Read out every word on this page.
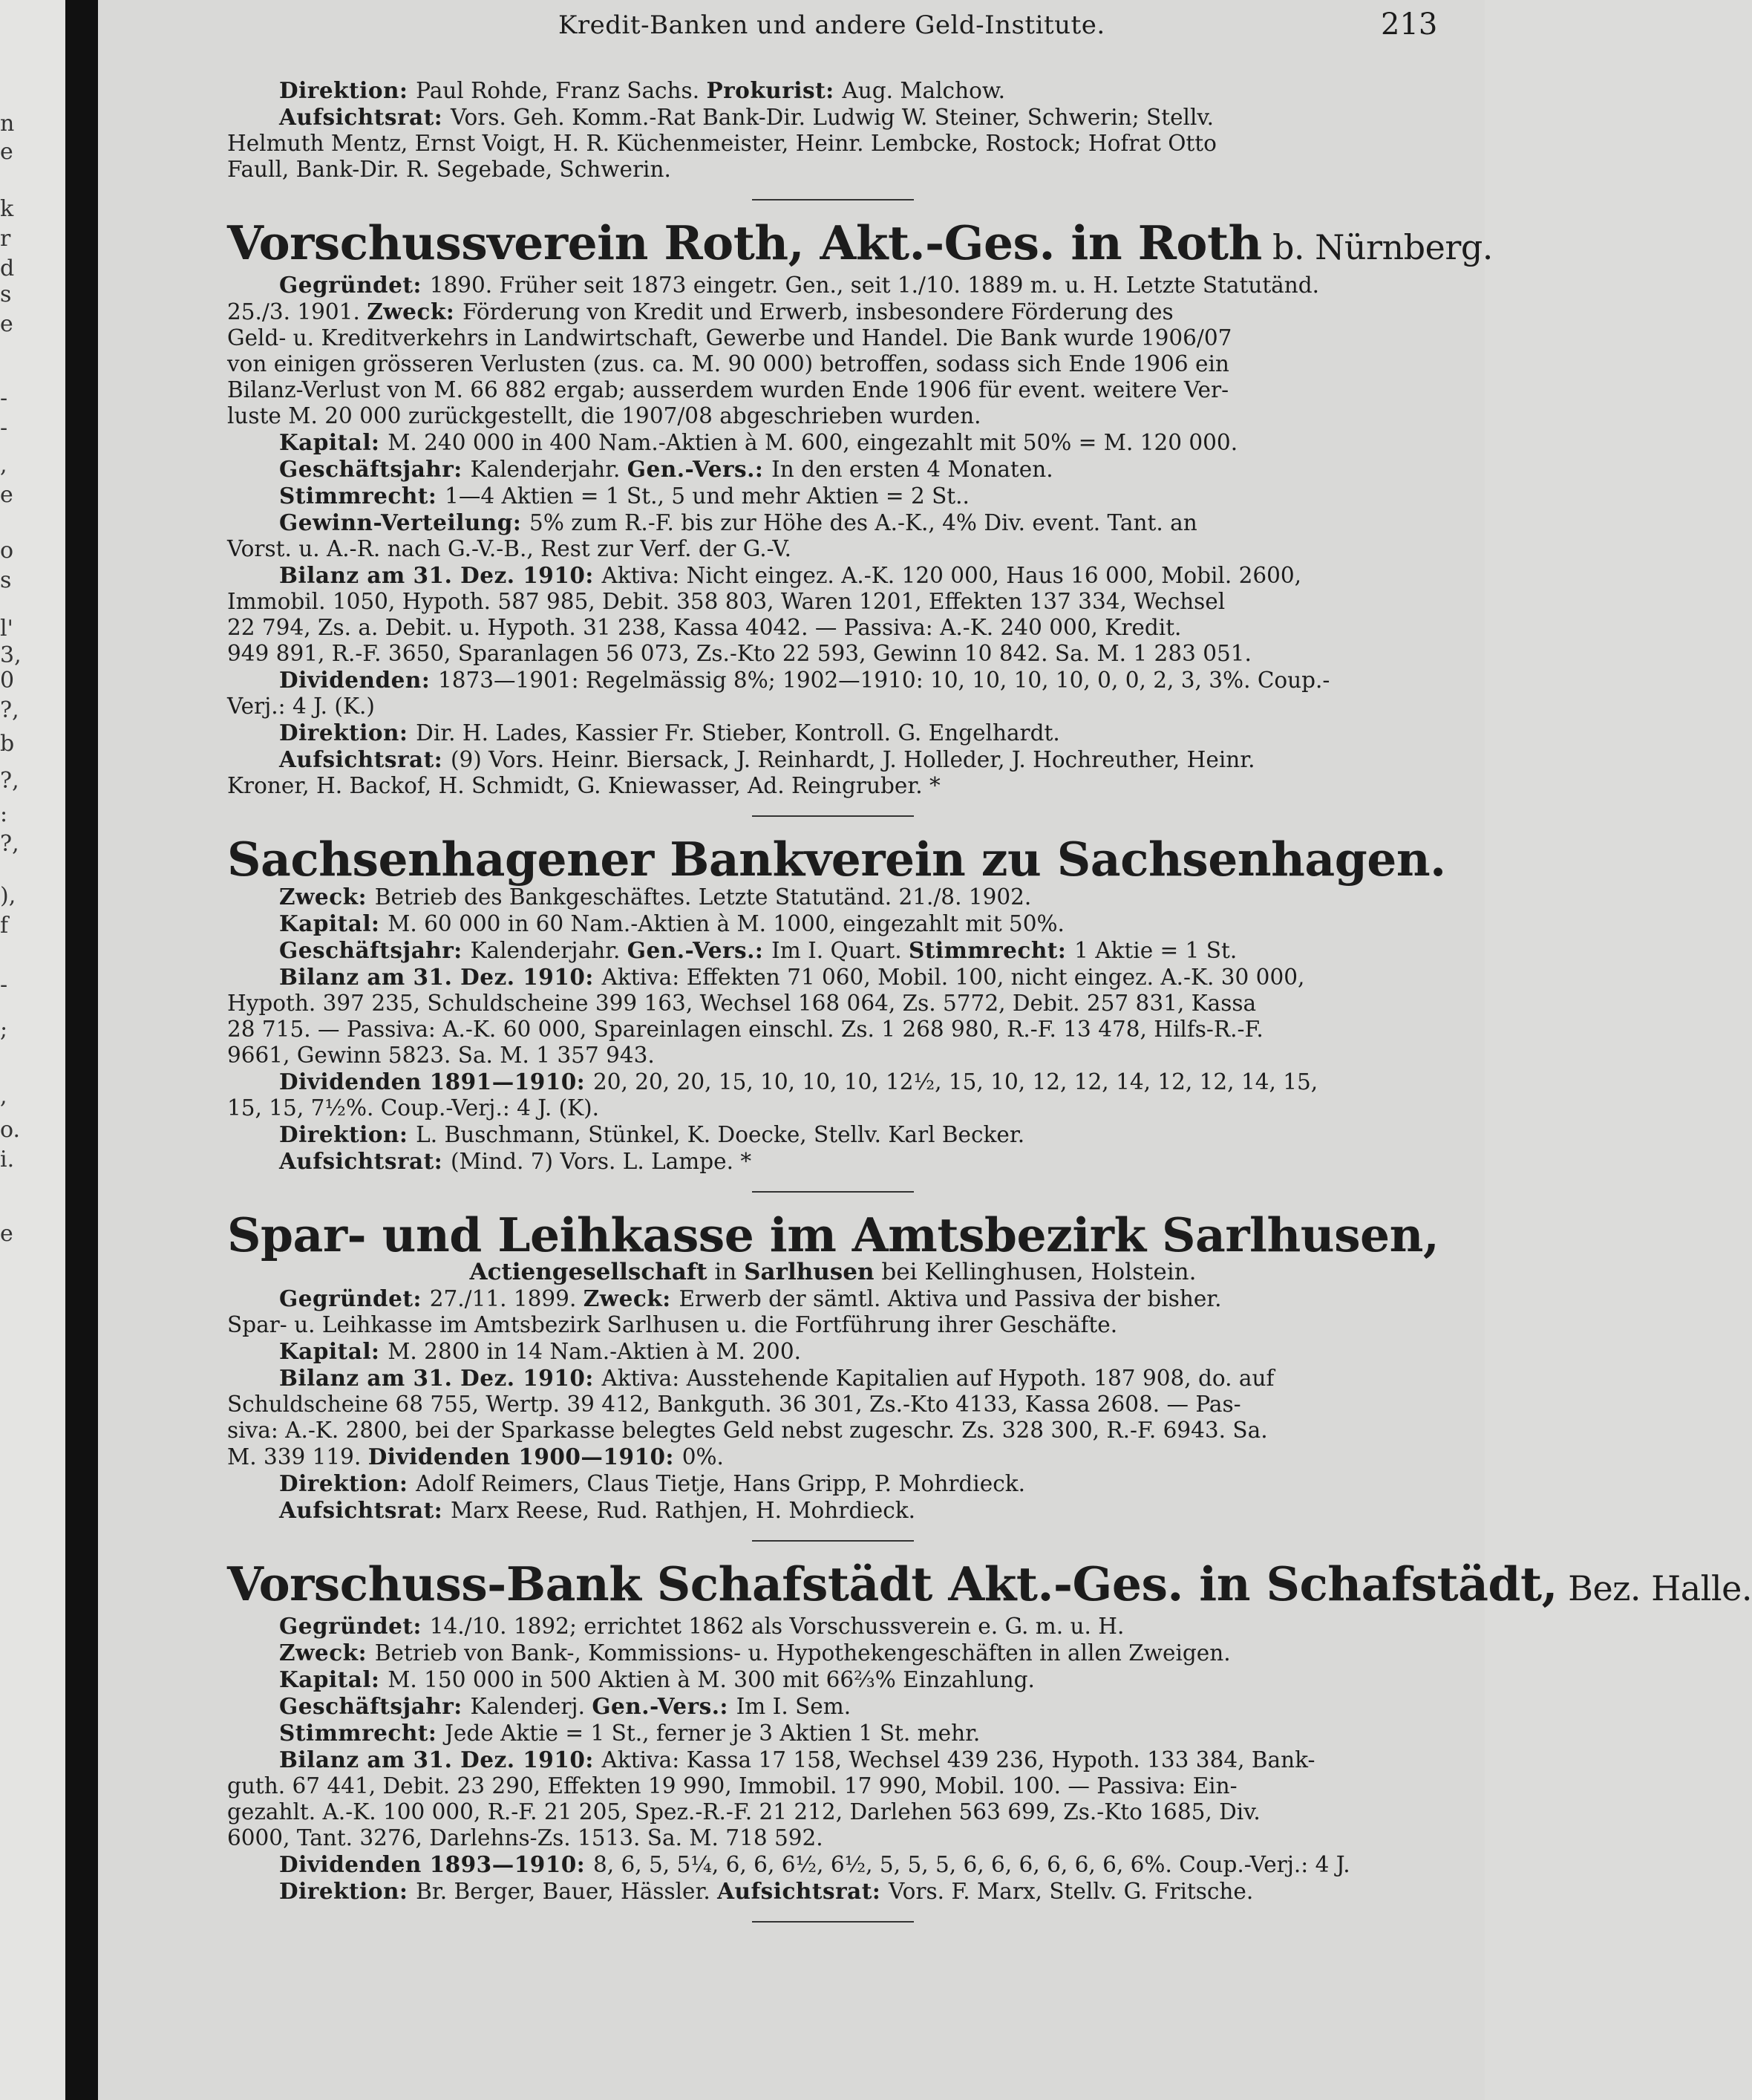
n
e
k
r
d
s
e
-
-
,
e
o
s
l'
3,
0
?,
b
?,
:
?,
),
f
-
;
,
o.
i.
e
Kredit-Banken und andere Geld-Institute.	213
Direktion: Paul Rohde, Franz Sachs. Prokurist: Aug. Malchow.
Aufsichtsrat: Vors. Geh. Komm.-Rat Bank-Dir. Ludwig W. Steiner, Schwerin; Stellv.
Helmuth Mentz, Ernst Voigt, H. R. Küchenmeister, Heinr. Lembcke, Rostock; Hofrat Otto
Faull, Bank-Dir. R. Segebade, Schwerin.
Vorschussverein Roth, Akt.-Ges. in Roth b. Nürnberg.
Gegründet: 1890. Früher seit 1873 eingetr. Gen., seit 1./10. 1889 m. u. H. Letzte Statutänd.
25./3. 1901. Zweck: Förderung von Kredit und Erwerb, insbesondere Förderung des
Geld- u. Kreditverkehrs in Landwirtschaft, Gewerbe und Handel. Die Bank wurde 1906/07
von einigen grösseren Verlusten (zus. ca. M. 90 000) betroffen, sodass sich Ende 1906 ein
Bilanz-Verlust von M. 66 882 ergab; ausserdem wurden Ende 1906 für event. weitere Ver-
luste M. 20 000 zurückgestellt, die 1907/08 abgeschrieben wurden.
Kapital: M. 240 000 in 400 Nam.-Aktien à M. 600, eingezahlt mit 50% = M. 120 000.
Geschäftsjahr: Kalenderjahr. Gen.-Vers.: In den ersten 4 Monaten.
Stimmrecht: 1—4 Aktien = 1 St., 5 und mehr Aktien = 2 St..
Gewinn-Verteilung: 5% zum R.-F. bis zur Höhe des A.-K., 4% Div. event. Tant. an
Vorst. u. A.-R. nach G.-V.-B., Rest zur Verf. der G.-V.
Bilanz am 31. Dez. 1910: Aktiva: Nicht eingez. A.-K. 120 000, Haus 16 000, Mobil. 2600,
Immobil. 1050, Hypoth. 587 985, Debit. 358 803, Waren 1201, Effekten 137 334, Wechsel
22 794, Zs. a. Debit. u. Hypoth. 31 238, Kassa 4042. — Passiva: A.-K. 240 000, Kredit.
949 891, R.-F. 3650, Sparanlagen 56 073, Zs.-Kto 22 593, Gewinn 10 842. Sa. M. 1 283 051.
Dividenden: 1873—1901: Regelmässig 8%; 1902—1910: 10, 10, 10, 10, 0, 0, 2, 3, 3%. Coup.-
Verj.: 4 J. (K.)
Direktion: Dir. H. Lades, Kassier Fr. Stieber, Kontroll. G. Engelhardt.
Aufsichtsrat: (9) Vors. Heinr. Biersack, J. Reinhardt, J. Holleder, J. Hochreuther, Heinr.
Kroner, H. Backof, H. Schmidt, G. Kniewasser, Ad. Reingruber. *
Sachsenhagener Bankverein zu Sachsenhagen.
Zweck: Betrieb des Bankgeschäftes. Letzte Statutänd. 21./8. 1902.
Kapital: M. 60 000 in 60 Nam.-Aktien à M. 1000, eingezahlt mit 50%.
Geschäftsjahr: Kalenderjahr. Gen.-Vers.: Im I. Quart. Stimmrecht: 1 Aktie = 1 St.
Bilanz am 31. Dez. 1910: Aktiva: Effekten 71 060, Mobil. 100, nicht eingez. A.-K. 30 000,
Hypoth. 397 235, Schuldscheine 399 163, Wechsel 168 064, Zs. 5772, Debit. 257 831, Kassa
28 715. — Passiva: A.-K. 60 000, Spareinlagen einschl. Zs. 1 268 980, R.-F. 13 478, Hilfs-R.-F.
9661, Gewinn 5823. Sa. M. 1 357 943.
Dividenden 1891—1910: 20, 20, 20, 15, 10, 10, 10, 12½, 15, 10, 12, 12, 14, 12, 12, 14, 15,
15, 15, 7½%. Coup.-Verj.: 4 J. (K).
Direktion: L. Buschmann, Stünkel, K. Doecke, Stellv. Karl Becker.
Aufsichtsrat: (Mind. 7) Vors. L. Lampe. *
Spar- und Leihkasse im Amtsbezirk Sarlhusen,
Actiengesellschaft in Sarlhusen bei Kellinghusen, Holstein.
Gegründet: 27./11. 1899. Zweck: Erwerb der sämtl. Aktiva und Passiva der bisher.
Spar- u. Leihkasse im Amtsbezirk Sarlhusen u. die Fortführung ihrer Geschäfte.
Kapital: M. 2800 in 14 Nam.-Aktien à M. 200.
Bilanz am 31. Dez. 1910: Aktiva: Ausstehende Kapitalien auf Hypoth. 187 908, do. auf
Schuldscheine 68 755, Wertp. 39 412, Bankguth. 36 301, Zs.-Kto 4133, Kassa 2608. — Pas-
siva: A.-K. 2800, bei der Sparkasse belegtes Geld nebst zugeschr. Zs. 328 300, R.-F. 6943. Sa.
M. 339 119. Dividenden 1900—1910: 0%.
Direktion: Adolf Reimers, Claus Tietje, Hans Gripp, P. Mohrdieck.
Aufsichtsrat: Marx Reese, Rud. Rathjen, H. Mohrdieck.
Vorschuss-Bank Schafstädt Akt.-Ges. in Schafstädt, Bez. Halle.
Gegründet: 14./10. 1892; errichtet 1862 als Vorschussverein e. G. m. u. H.
Zweck: Betrieb von Bank-, Kommissions- u. Hypothekengeschäften in allen Zweigen.
Kapital: M. 150 000 in 500 Aktien à M. 300 mit 66⅔% Einzahlung.
Geschäftsjahr: Kalenderj. Gen.-Vers.: Im I. Sem.
Stimmrecht: Jede Aktie = 1 St., ferner je 3 Aktien 1 St. mehr.
Bilanz am 31. Dez. 1910: Aktiva: Kassa 17 158, Wechsel 439 236, Hypoth. 133 384, Bank-
guth. 67 441, Debit. 23 290, Effekten 19 990, Immobil. 17 990, Mobil. 100. — Passiva: Ein-
gezahlt. A.-K. 100 000, R.-F. 21 205, Spez.-R.-F. 21 212, Darlehen 563 699, Zs.-Kto 1685, Div.
6000, Tant. 3276, Darlehns-Zs. 1513. Sa. M. 718 592.
Dividenden 1893—1910: 8, 6, 5, 5¼, 6, 6, 6½, 6½, 5, 5, 5, 6, 6, 6, 6, 6, 6, 6%. Coup.-Verj.: 4 J.
Direktion: Br. Berger, Bauer, Hässler. Aufsichtsrat: Vors. F. Marx, Stellv. G. Fritsche.
